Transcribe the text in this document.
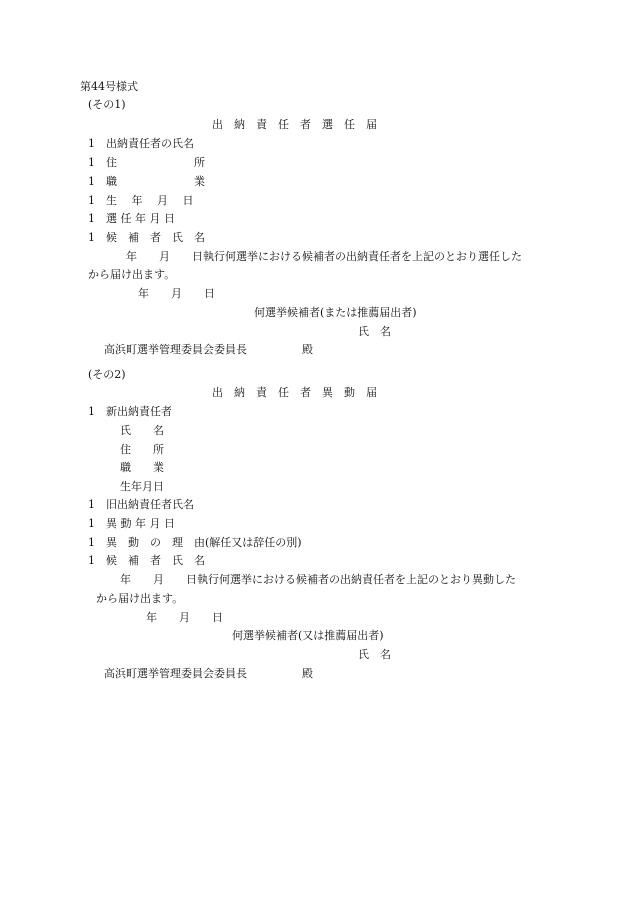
第44号様式
(その1)
出　納　責　任　者　選　任　届
1　出納責任者の氏名
1　住　　　　　　　所
1　職　　　　　　　業
1　生　 年　 月　 日
1　選 任 年 月 日
1　候　補　者　氏　名
年　　月　　日執行何選挙における候補者の出納責任者を上記のとおり選任した
から届け出ます。
年　　月　　日
何選挙候補者(または推薦届出者)
氏　名
高浜町選挙管理委員会委員長　　　　　殿
(その2)
出　納　責　任　者　異　動　届
1　新出納責任者
氏　　名
住　　所
職　　業
生年月日
1　旧出納責任者氏名
1　異 動 年 月 日
1　異　動　の　理　由(解任又は辞任の別)
1　候　補　者　氏　名
年　　月　　日執行何選挙における候補者の出納責任者を上記のとおり異動した
から届け出ます。
年　　月　　日
何選挙候補者(又は推薦届出者)
氏　名
高浜町選挙管理委員会委員長　　　　　殿
